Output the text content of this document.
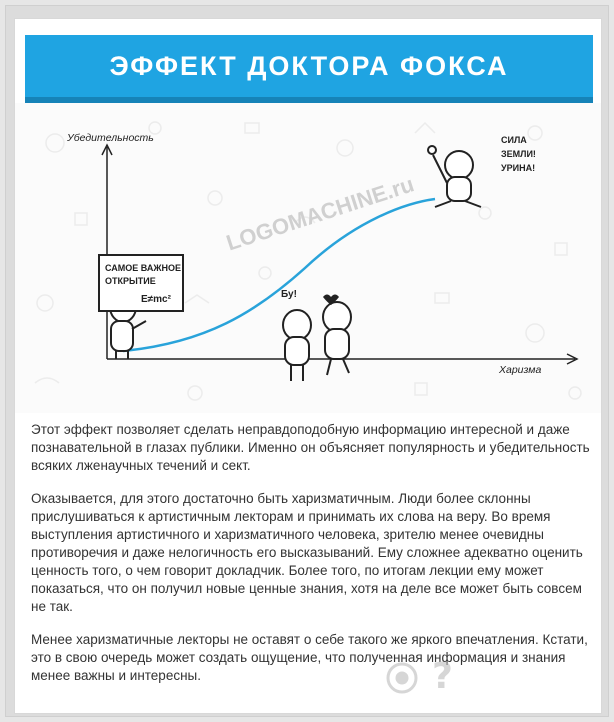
ЭФФЕКТ ДОКТОРА ФОКСА
LOGOMACHINE.ru
Убедительность
Харизма
САМОЕ ВАЖНОЕ
ОТКРЫТИЕ
E≠mc²	Бу!
СИЛА
ЗЕМЛИ!
УРИНА!

Этот эффект позволяет сделать неправдоподобную информацию интересной и даже познавательной в глазах публики. Именно он объясняет популярность и убедительность всяких лженаучных течений и сект.

Оказывается, для этого достаточно быть харизматичным. Люди более склонны прислушиваться к артистичным лекторам и принимать их слова на веру. Во время выступления артистичного и харизматичного человека, зрителю менее очевидны противоречия и даже нелогичность его высказываний. Ему сложнее адекватно оценить ценность того, о чем говорит докладчик. Более того, по итогам лекции ему может показаться, что он получил новые ценные знания, хотя на деле все может быть совсем не так.

Менее харизматичные лекторы не оставят о себе такого же яркого впечатления. Кстати, это в свою очередь может создать ощущение, что полученная информация и знания менее важны и интересны.	?
